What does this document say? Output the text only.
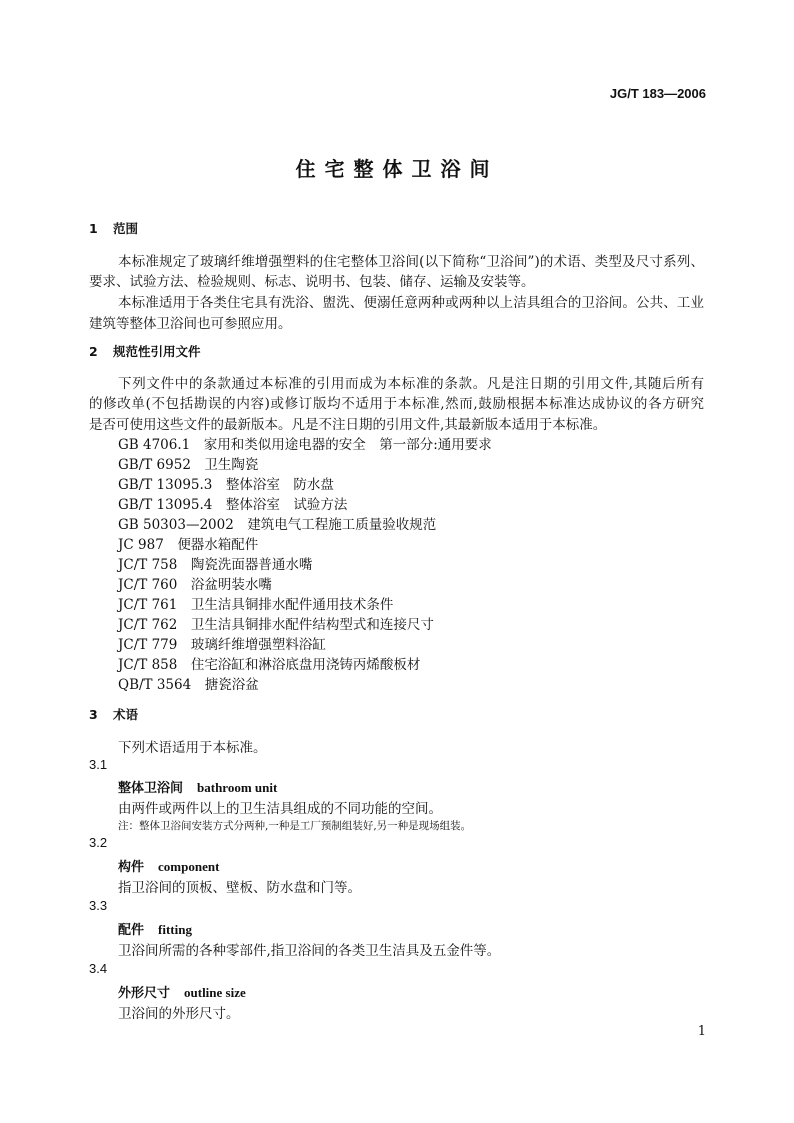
JG/T 183—2006
住宅整体卫浴间
1 范围
本标准规定了玻璃纤维增强塑料的住宅整体卫浴间(以下简称“卫浴间”)的术语、类型及尺寸系列、
要求、试验方法、检验规则、标志、说明书、包装、储存、运输及安装等。
本标准适用于各类住宅具有洗浴、盥洗、便溺任意两种或两种以上洁具组合的卫浴间。公共、工业
建筑等整体卫浴间也可参照应用。
2 规范性引用文件
下列文件中的条款通过本标准的引用而成为本标准的条款。凡是注日期的引用文件,其随后所有
的修改单(不包括勘误的内容)或修订版均不适用于本标准,然而,鼓励根据本标准达成协议的各方研究
是否可使用这些文件的最新版本。凡是不注日期的引用文件,其最新版本适用于本标准。
GB 4706.1　 家用和类似用途电器的安全　第一部分:通用要求
GB/T 6952　 卫生陶瓷
GB/T 13095.3　 整体浴室　防水盘
GB/T 13095.4　 整体浴室　试验方法
GB 50303—2002　 建筑电气工程施工质量验收规范
JC 987　 便器水箱配件
JC/T 758　 陶瓷洗面器普通水嘴
JC/T 760　 浴盆明装水嘴
JC/T 761　 卫生洁具铜排水配件通用技术条件
JC/T 762　 卫生洁具铜排水配件结构型式和连接尺寸
JC/T 779　 玻璃纤维增强塑料浴缸
JC/T 858　 住宅浴缸和淋浴底盘用浇铸丙烯酸板材
QB/T 3564　 搪瓷浴盆
3 术语
下列术语适用于本标准。
3.1
整体卫浴间 bathroom unit
由两件或两件以上的卫生洁具组成的不同功能的空间。
注：整体卫浴间安装方式分两种,一种是工厂预制组装好,另一种是现场组装。
3.2
构件 component
指卫浴间的顶板、壁板、防水盘和门等。
3.3
配件 fitting
卫浴间所需的各种零部件,指卫浴间的各类卫生洁具及五金件等。
3.4
外形尺寸 outline size
卫浴间的外形尺寸。
1
